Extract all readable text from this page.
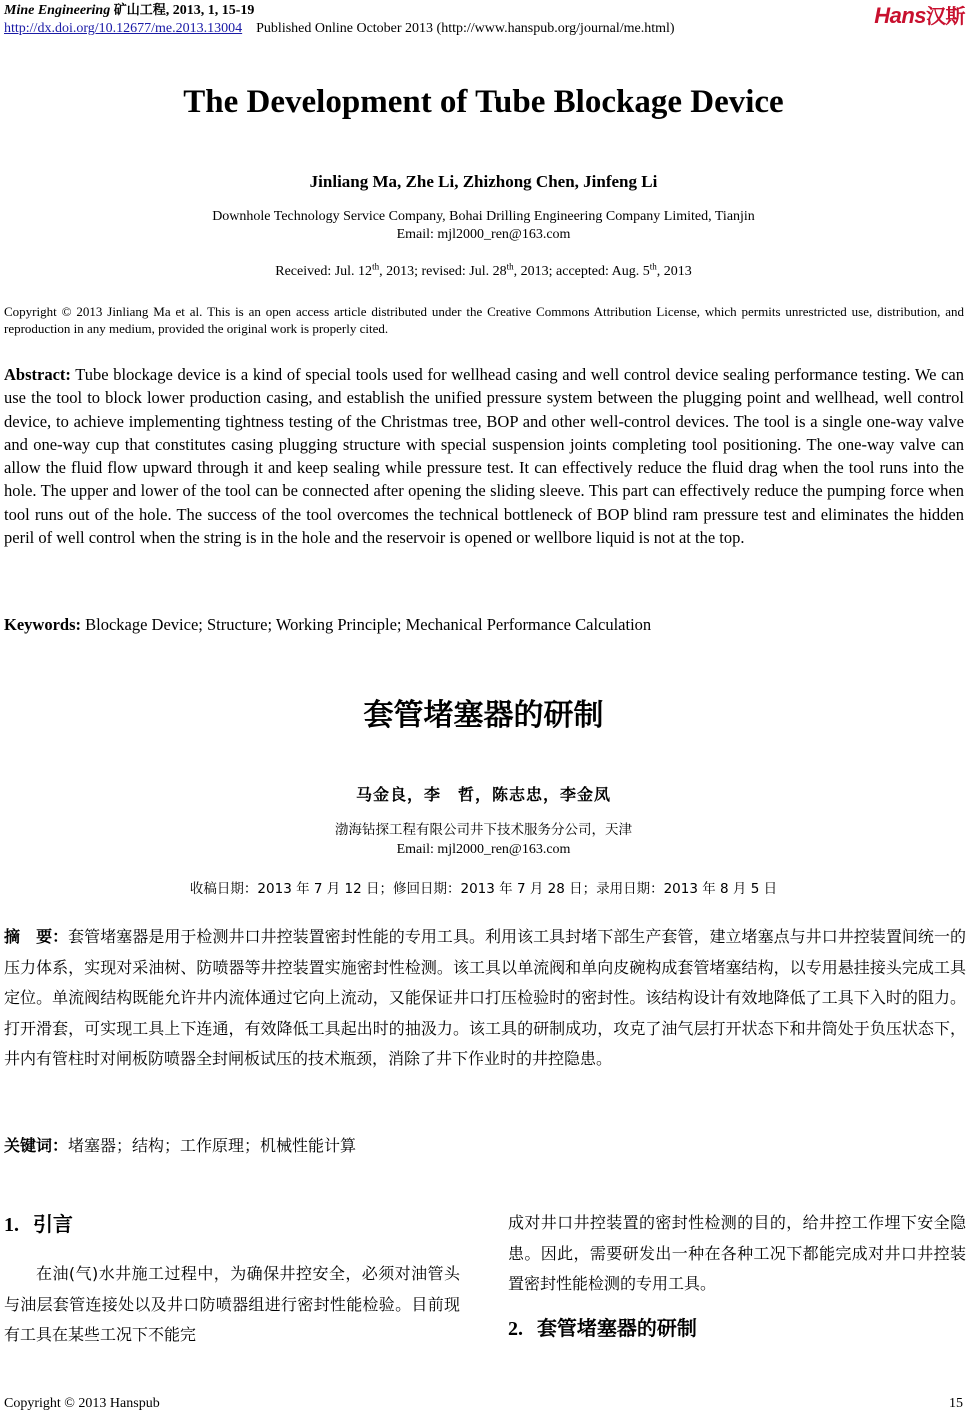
Mine Engineering 矿山工程, 2013, 1, 15-19
http://dx.doi.org/10.12677/me.2013.13004 Published Online October 2013 (http://www.hanspub.org/journal/me.html)
Hans汉斯
The Development of Tube Blockage Device
Jinliang Ma, Zhe Li, Zhizhong Chen, Jinfeng Li
Downhole Technology Service Company, Bohai Drilling Engineering Company Limited, Tianjin
Email: mjl2000_ren@163.com
Received: Jul. 12th, 2013; revised: Jul. 28th, 2013; accepted: Aug. 5th, 2013
Copyright © 2013 Jinliang Ma et al. This is an open access article distributed under the Creative Commons Attribution License, which permits unrestricted use, distribution, and reproduction in any medium, provided the original work is properly cited.
Abstract: Tube blockage device is a kind of special tools used for wellhead casing and well control device sealing performance testing. We can use the tool to block lower production casing, and establish the unified pressure system between the plugging point and wellhead, well control device, to achieve implementing tightness testing of the Christmas tree, BOP and other well-control devices. The tool is a single one-way valve and one-way cup that constitutes casing plugging structure with special suspension joints completing tool positioning. The one-way valve can allow the fluid flow upward through it and keep sealing while pressure test. It can effectively reduce the fluid drag when the tool runs into the hole. The upper and lower of the tool can be connected after opening the sliding sleeve. This part can effectively reduce the pumping force when tool runs out of the hole. The success of the tool overcomes the technical bottleneck of BOP blind ram pressure test and eliminates the hidden peril of well control when the string is in the hole and the reservoir is opened or wellbore liquid is not at the top.
Keywords: Blockage Device; Structure; Working Principle; Mechanical Performance Calculation
套管堵塞器的研制
马金良，李　哲，陈志忠，李金凤
渤海钻探工程有限公司井下技术服务分公司，天津
Email: mjl2000_ren@163.com
收稿日期：2013 年 7 月 12 日；修回日期：2013 年 7 月 28 日；录用日期：2013 年 8 月 5 日
摘　要：套管堵塞器是用于检测井口井控装置密封性能的专用工具。利用该工具封堵下部生产套管，建立堵塞点与井口井控装置间统一的压力体系，实现对采油树、防喷器等井控装置实施密封性检测。该工具以单流阀和单向皮碗构成套管堵塞结构，以专用悬挂接头完成工具定位。单流阀结构既能允许井内流体通过它向上流动，又能保证井口打压检验时的密封性。该结构设计有效地降低了工具下入时的阻力。打开滑套，可实现工具上下连通，有效降低工具起出时的抽汲力。该工具的研制成功，攻克了油气层打开状态下和井筒处于负压状态下，井内有管柱时对闸板防喷器全封闸板试压的技术瓶颈，消除了井下作业时的井控隐患。
关键词：堵塞器；结构；工作原理；机械性能计算
1. 引言
在油(气)水井施工过程中，为确保井控安全，必须对油管头与油层套管连接处以及井口防喷器组进行密封性能检验。目前现有工具在某些工况下不能完
成对井口井控装置的密封性检测的目的，给井控工作埋下安全隐患。因此，需要研发出一种在各种工况下都能完成对井口井控装置密封性能检测的专用工具。
2. 套管堵塞器的研制
Copyright © 2013 Hanspub	15
